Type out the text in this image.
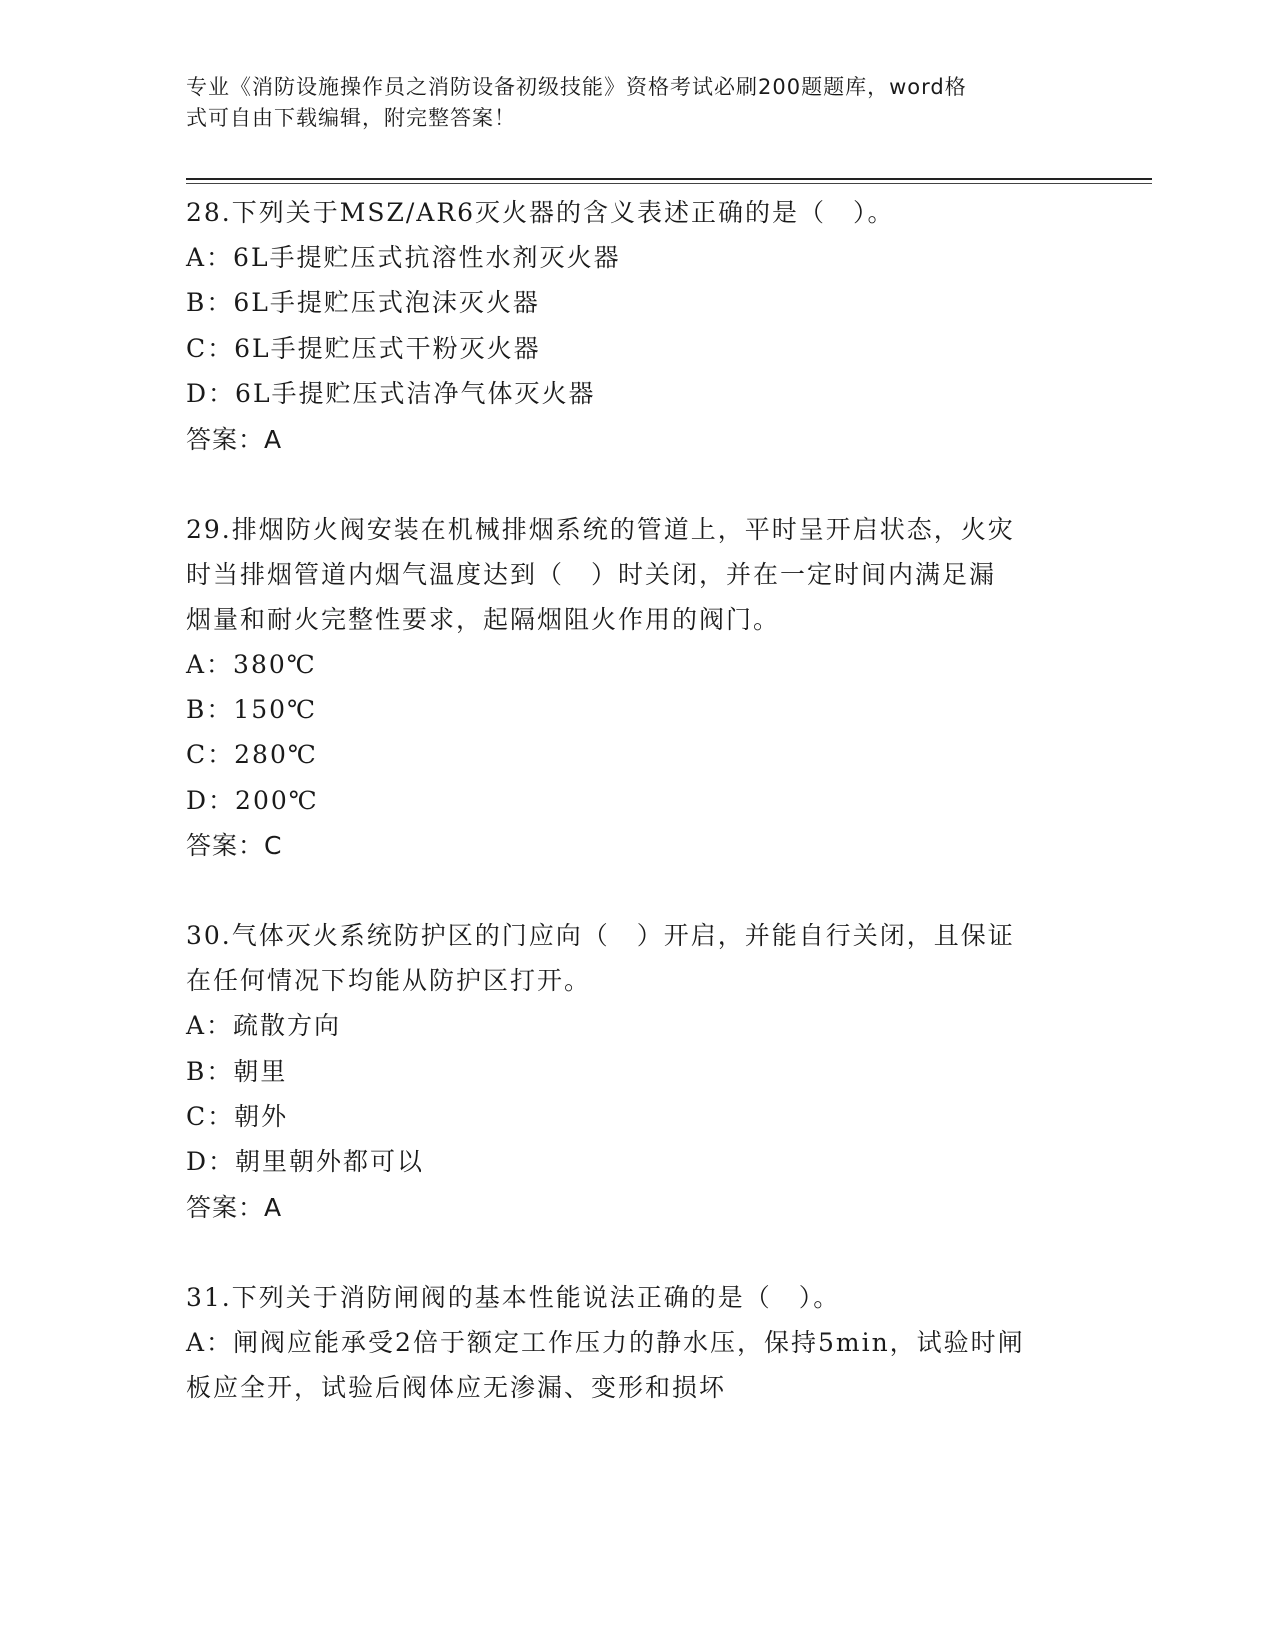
专业《消防设施操作员之消防设备初级技能》资格考试必刷200题题库，word格
式可自由下载编辑，附完整答案！

28.下列关于MSZ/AR6灭火器的含义表述正确的是（　）。

A：6L手提贮压式抗溶性水剂灭火器

B：6L手提贮压式泡沫灭火器

C：6L手提贮压式干粉灭火器

D：6L手提贮压式洁净气体灭火器

答案：A

29.排烟防火阀安装在机械排烟系统的管道上，平时呈开启状态，火灾

时当排烟管道内烟气温度达到（　）时关闭，并在一定时间内满足漏

烟量和耐火完整性要求，起隔烟阻火作用的阀门。

A：380℃

B：150℃

C：280℃

D：200℃

答案：C

30.气体灭火系统防护区的门应向（　）开启，并能自行关闭，且保证

在任何情况下均能从防护区打开。

A：疏散方向

B：朝里

C：朝外

D：朝里朝外都可以

答案：A

31.下列关于消防闸阀的基本性能说法正确的是（　）。

A：闸阀应能承受2倍于额定工作压力的静水压，保持5min，试验时闸

板应全开，试验后阀体应无渗漏、变形和损坏
